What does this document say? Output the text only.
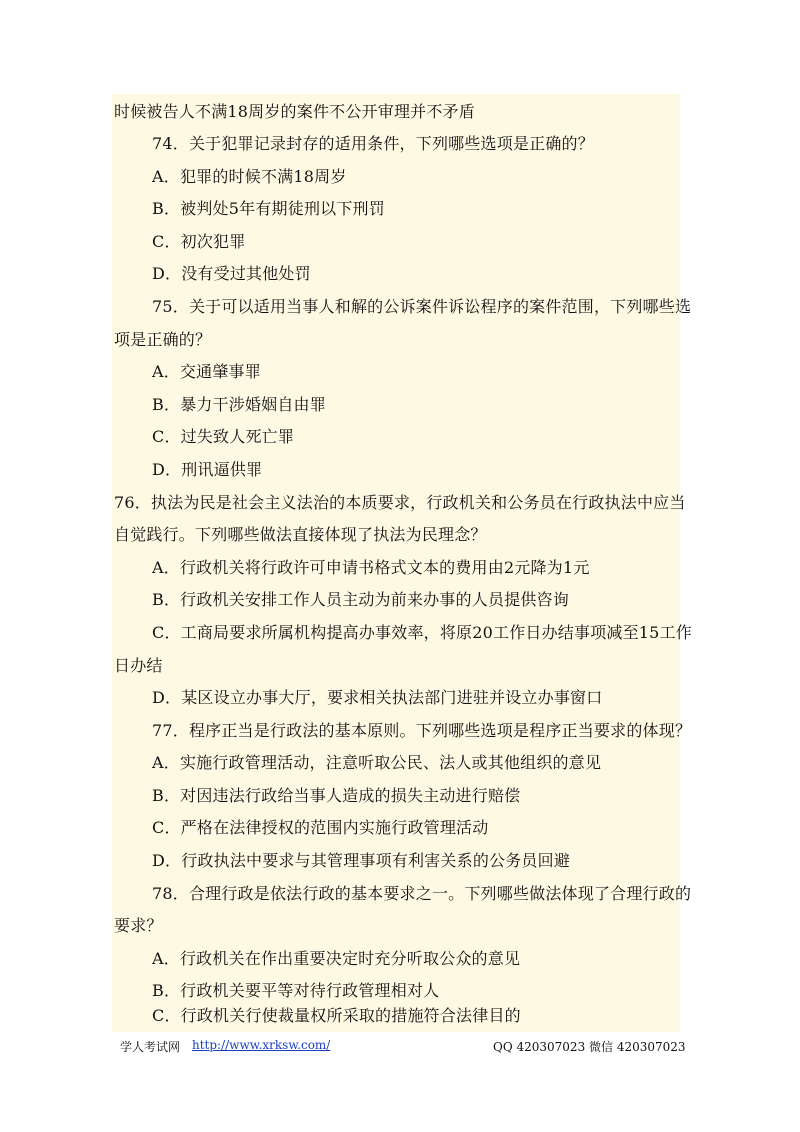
时候被告人不满18周岁的案件不公开审理并不矛盾
74．关于犯罪记录封存的适用条件，下列哪些选项是正确的？
A．犯罪的时候不满18周岁
B．被判处5年有期徒刑以下刑罚
C．初次犯罪
D．没有受过其他处罚
75．关于可以适用当事人和解的公诉案件诉讼程序的案件范围，下列哪些选
项是正确的？
A．交通肇事罪
B．暴力干涉婚姻自由罪
C．过失致人死亡罪
D．刑讯逼供罪
76．执法为民是社会主义法治的本质要求，行政机关和公务员在行政执法中应当
自觉践行。下列哪些做法直接体现了执法为民理念？
A．行政机关将行政许可申请书格式文本的费用由2元降为1元
B．行政机关安排工作人员主动为前来办事的人员提供咨询
C．工商局要求所属机构提高办事效率，将原20工作日办结事项减至15工作
日办结
D．某区设立办事大厅，要求相关执法部门进驻并设立办事窗口
77．程序正当是行政法的基本原则。下列哪些选项是程序正当要求的体现？
A．实施行政管理活动，注意听取公民、法人或其他组织的意见
B．对因违法行政给当事人造成的损失主动进行赔偿
C．严格在法律授权的范围内实施行政管理活动
D．行政执法中要求与其管理事项有利害关系的公务员回避
78．合理行政是依法行政的基本要求之一。下列哪些做法体现了合理行政的
要求？
A．行政机关在作出重要决定时充分听取公众的意见
B．行政机关要平等对待行政管理相对人
C．行政机关行使裁量权所采取的措施符合法律目的
学人考试网 http://www.xrksw.com/	QQ 420307023 微信 420307023
